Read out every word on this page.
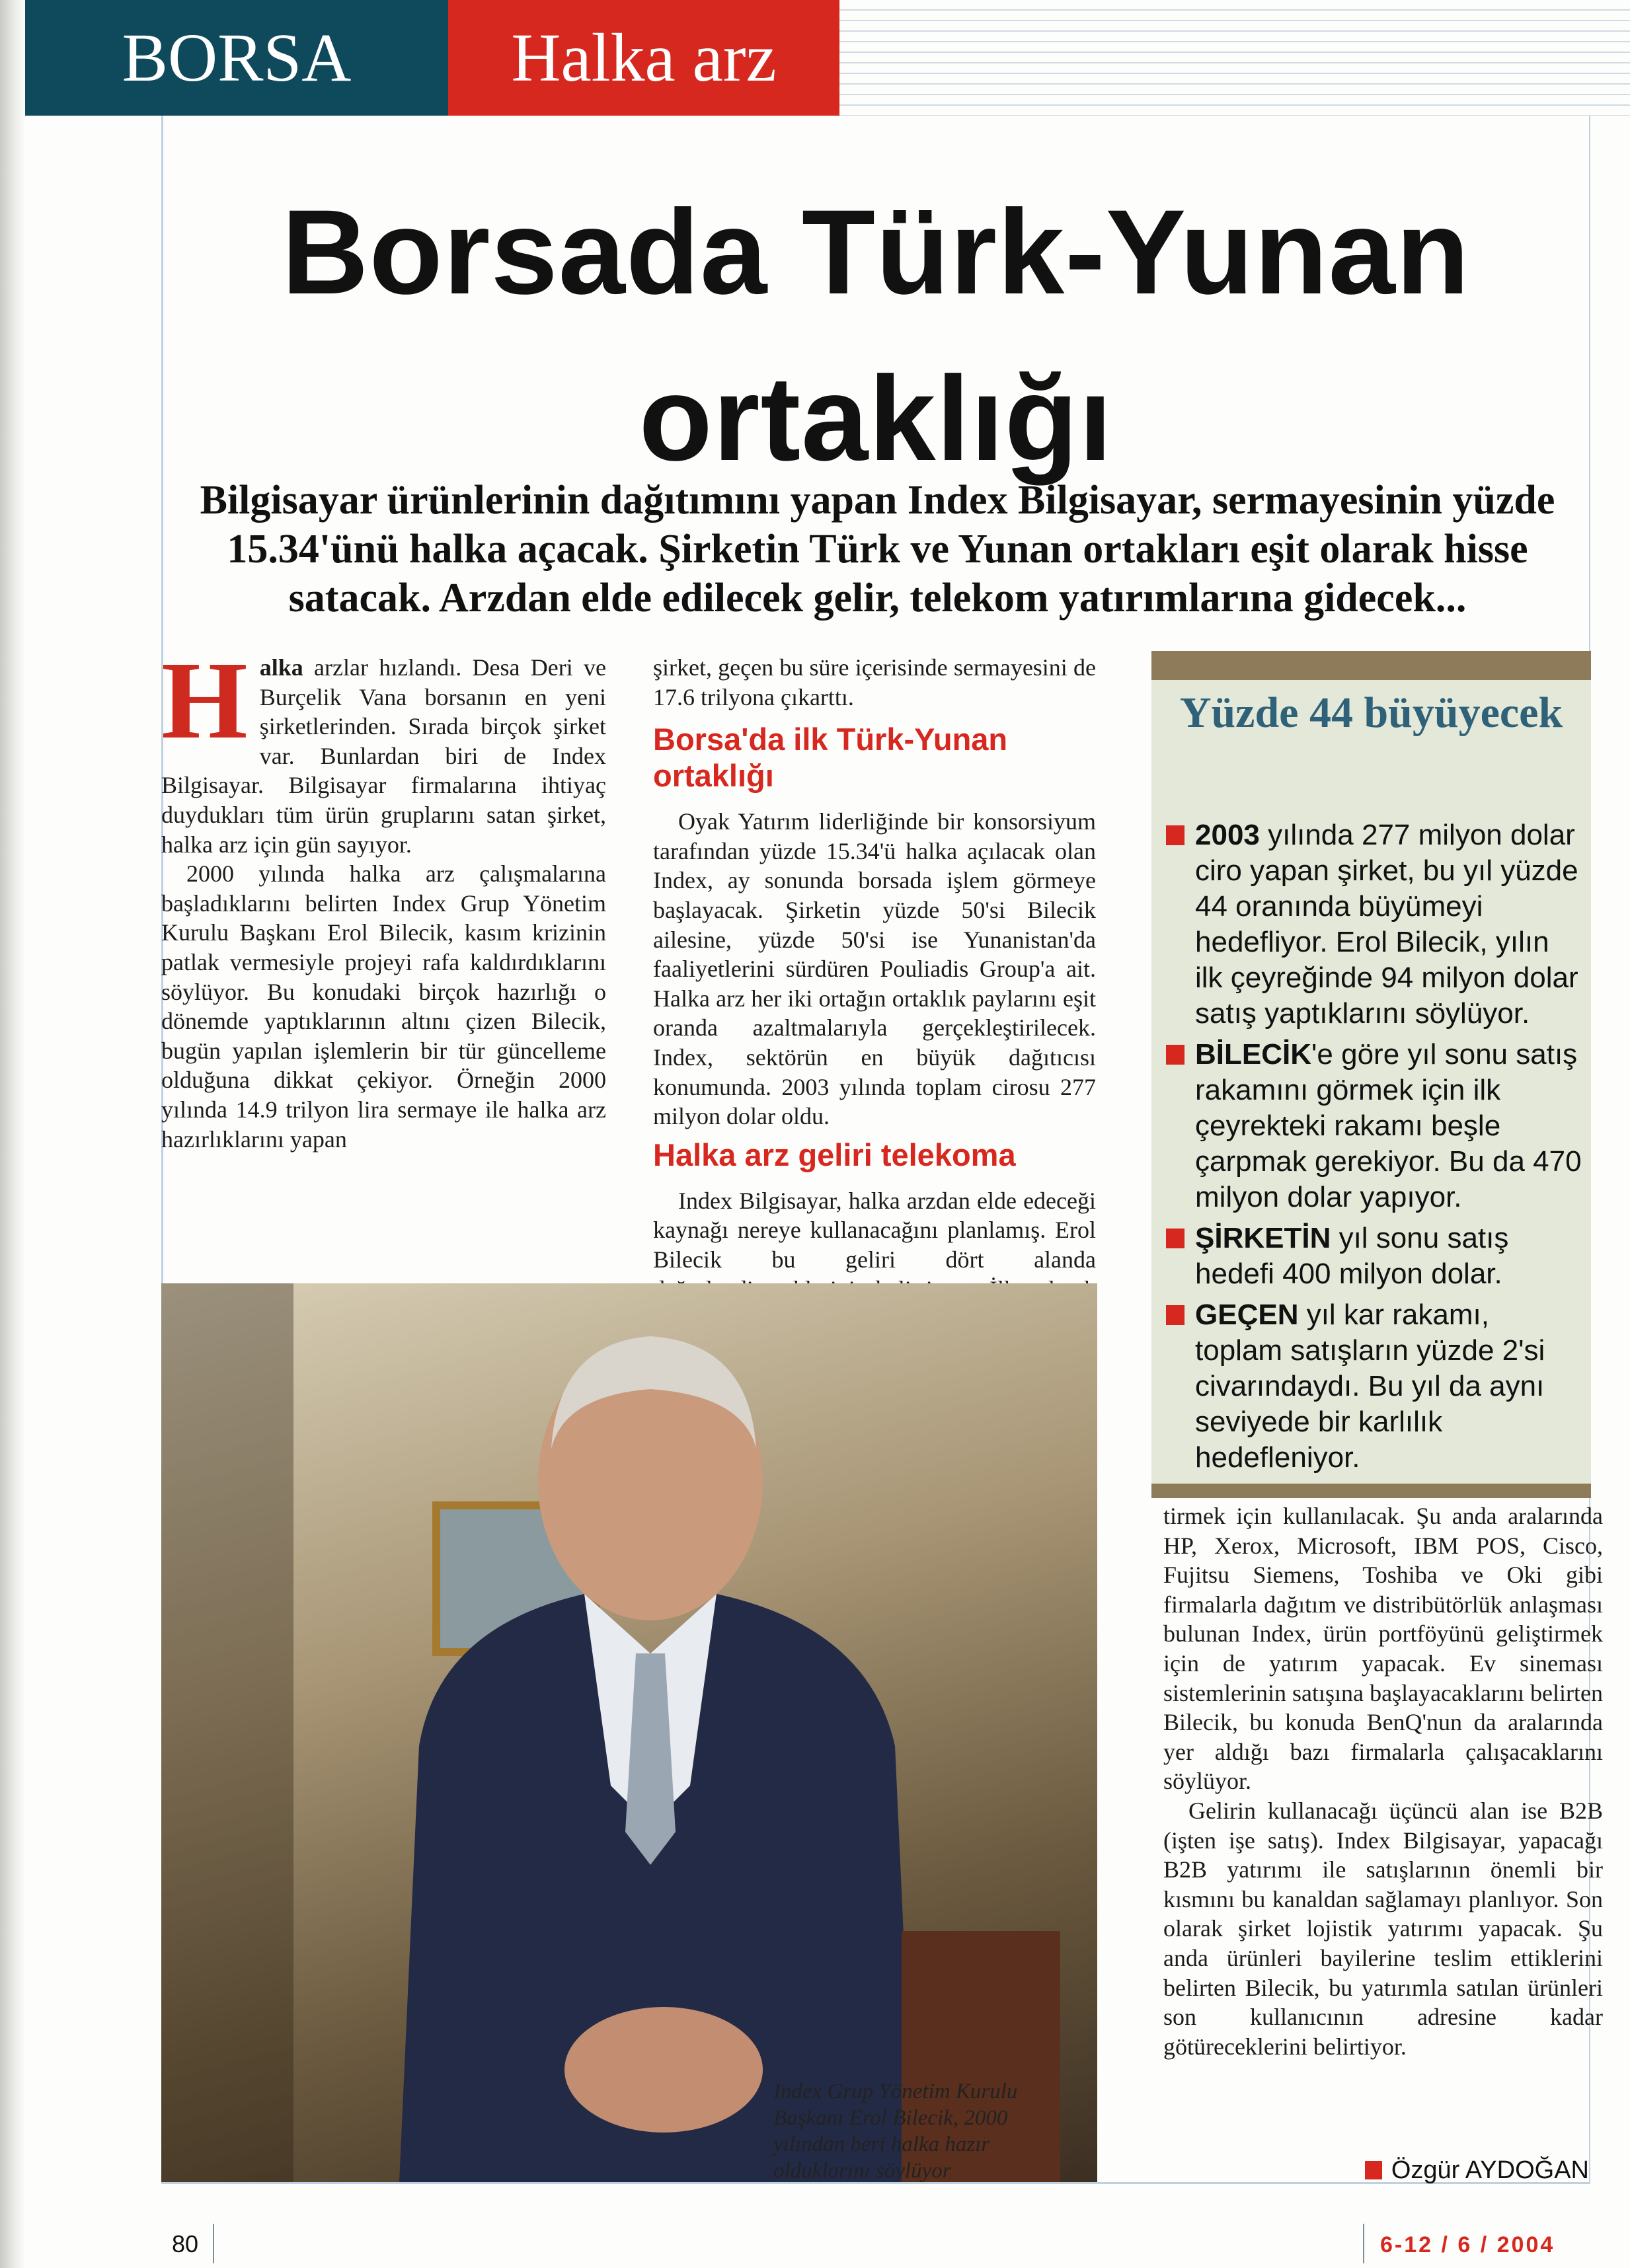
BORSA	Halka arz
Borsada Türk-Yunan ortaklığı

Bilgisayar ürünlerinin dağıtımını yapan Index Bilgisayar, sermayesinin yüzde 15.34'ünü halka açacak. Şirketin Türk ve Yunan ortakları eşit olarak hisse satacak. Arzdan elde edilecek gelir, telekom yatırımlarına gidecek...

H alka arzlar hızlandı. Desa Deri ve Burçelik Vana borsanın en yeni şirketlerinden. Sırada birçok şirket var. Bunlardan biri de Index Bilgisayar. Bilgisayar firmalarına ihtiyaç duydukları tüm ürün gruplarını satan şirket, halka arz için gün sayıyor.

2000 yılında halka arz çalışmalarına başladıklarını belirten Index Grup Yönetim Kurulu Başkanı Erol Bilecik, kasım krizinin patlak vermesiyle projeyi rafa kaldırdıklarını söylüyor. Bu konudaki birçok hazırlığı o dönemde yaptıklarının altını çizen Bilecik, bugün yapılan işlemlerin bir tür güncelleme olduğuna dikkat çekiyor. Örneğin 2000 yılında 14.9 trilyon lira sermaye ile halka arz hazırlıklarını yapan

şirket, geçen bu süre içerisinde sermayesini de 17.6 trilyona çıkarttı.

Borsa'da ilk Türk-Yunan ortaklığı

Oyak Yatırım liderliğinde bir konsorsiyum tarafından yüzde 15.34'ü halka açılacak olan Index, ay sonunda borsada işlem görmeye başlayacak. Şirketin yüzde 50'si Bilecik ailesine, yüzde 50'si ise Yunanistan'da faaliyetlerini sürdüren Pouliadis Group'a ait. Halka arz her iki ortağın ortaklık paylarını eşit oranda azaltmalarıyla gerçekleştirilecek. Index, sektörün en büyük dağıtıcısı konumunda. 2003 yılında toplam cirosu 277 milyon dolar oldu.

Halka arz geliri telekoma

Index Bilgisayar, halka arzdan elde edeceği kaynağı nereye kullanacağını planlamış. Erol Bilecik bu geliri dört alanda

Index Grup Yönetim Kurulu Başkanı Erol Bilecik, 2000 yılından beri halka hazır olduklarını söylüyor

Yüzde 44 büyüyecek
2003 yılında 277 milyon dolar ciro yapan şirket, bu yıl yüzde 44 oranında büyümeyi hedefliyor. Erol Bilecik, yılın ilk çeyreğinde 94 milyon dolar satış yaptıklarını söylüyor.
BİLECİK'e göre yıl sonu satış rakamını görmek için ilk çeyrekteki rakamı beşle çarpmak gerekiyor. Bu da 470 milyon dolar yapıyor.
ŞİRKETİN yıl sonu satış hedefi 400 milyon dolar.
GEÇEN yıl kar rakamı, toplam satışların yüzde 2'si civarındaydı. Bu yıl da aynı seviyede bir karlılık hedefleniyor.

tirmek için kullanılacak. Şu anda aralarında HP, Xerox, Microsoft, IBM POS, Cisco, Fujitsu Siemens, Toshiba ve Oki gibi firmalarla dağıtım ve distribütörlük anlaşması bulunan Index, ürün portföyünü geliştirmek için de yatırım yapacak. Ev sineması sistemlerinin satışına başlayacaklarını belirten Bilecik, bu konuda BenQ'nun da aralarında yer aldığı bazı firmalarla çalışacaklarını söylüyor.

Gelirin kullanacağı üçüncü alan ise B2B (işten işe satış). Index Bilgisayar, yapacağı B2B yatırımı ile satışlarının önemli bir kısmını bu kanaldan sağlamayı planlıyor. Son olarak şirket lojistik yatırımı yapacak. Şu anda ürünleri bayilerine teslim ettiklerini belirten Bilecik, bu yatırımla satılan ürünleri son kullanıcının adresine kadar götüreceklerini belirtiyor.

Özgür AYDOĞAN

80	6-12 / 6 / 2004
